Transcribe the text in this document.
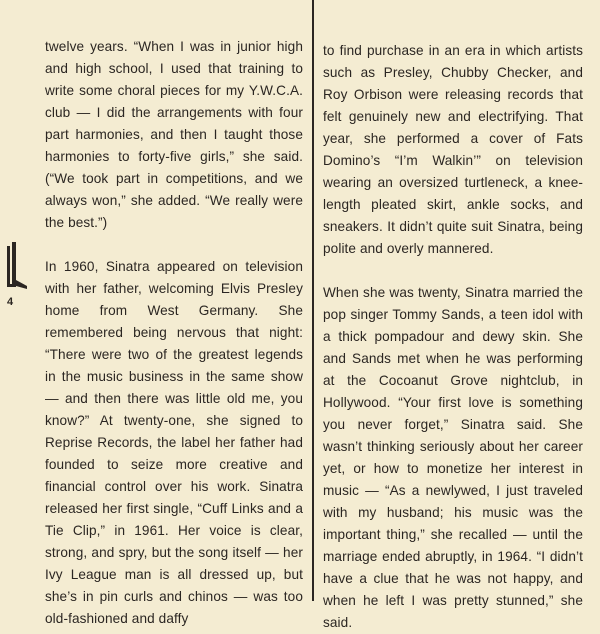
4

twelve years. “When I was in junior high and high school, I used that training to write some choral pieces for my Y.W.C.A. club — I did the arrangements with four part harmonies, and then I taught those harmonies to forty-five girls,” she said. (“We took part in competitions, and we always won,” she added. “We really were the best.”)

In 1960, Sinatra appeared on television with her father, welcoming Elvis Presley home from West Germany. She remembered being nervous that night: “There were two of the greatest legends in the music business in the same show — and then there was little old me, you know?” At twenty-one, she signed to Reprise Records, the label her father had founded to seize more creative and financial control over his work. Sinatra released her first single, “Cuff Links and a Tie Clip,” in 1961. Her voice is clear, strong, and spry, but the song itself — her Ivy League man is all dressed up, but she’s in pin curls and chinos — was too old-fashioned and daffy

to find purchase in an era in which artists such as Presley, Chubby Checker, and Roy Orbison were releasing records that felt genuinely new and electrifying. That year, she performed a cover of Fats Domino’s “I’m Walkin’” on television wearing an oversized turtleneck, a knee-length pleated skirt, ankle socks, and sneakers. It didn’t quite suit Sinatra, being polite and overly mannered.

When she was twenty, Sinatra married the pop singer Tommy Sands, a teen idol with a thick pompadour and dewy skin. She and Sands met when he was performing at the Cocoanut Grove nightclub, in Hollywood. “Your first love is something you never forget,” Sinatra said. She wasn’t thinking seriously about her career yet, or how to monetize her interest in music — “As a newlywed, I just traveled with my husband; his music was the important thing,” she recalled — until the marriage ended abruptly, in 1964. “I didn’t have a clue that he was not happy, and when he left I was pretty stunned,” she said.
